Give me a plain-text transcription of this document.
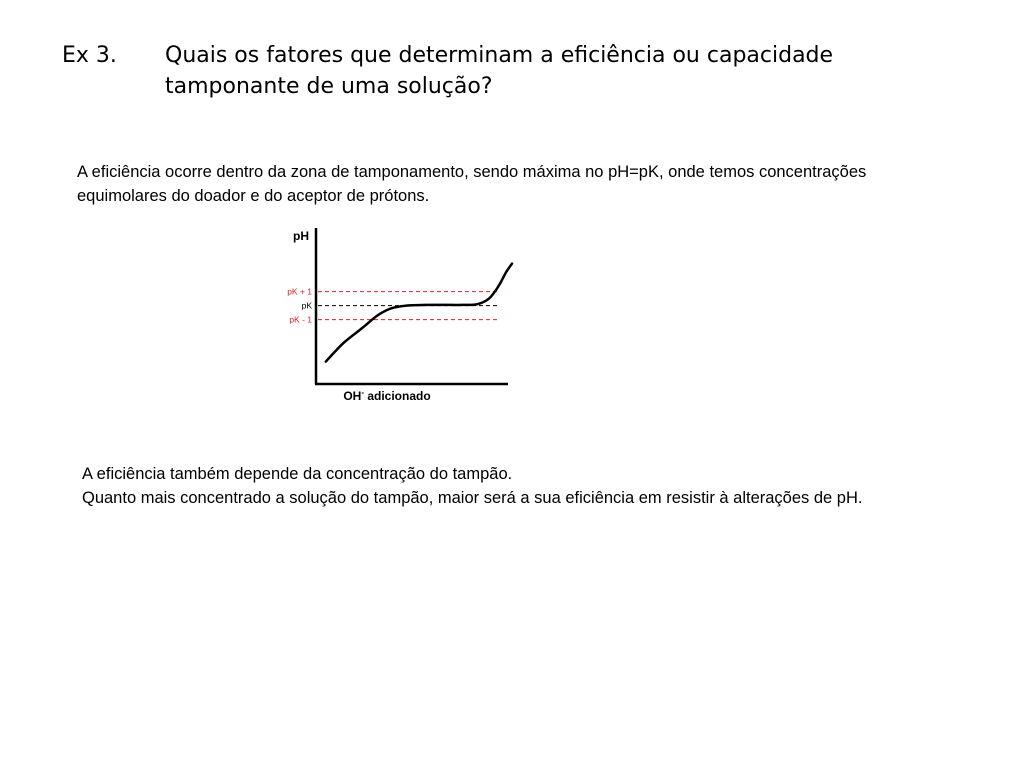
Ex 3. Quais os fatores que determinam a eficiência ou capacidade tamponante de uma solução?

A eficiência ocorre dentro da zona de tamponamento, sendo máxima no pH=pK, onde temos concentrações equimolares do doador e do aceptor de prótons.

pH
pK + 1
pK
pK - 1
OH- adicionado
A eficiência também depende da concentração do tampão.
Quanto mais concentrado a solução do tampão, maior será a sua eficiência em resistir à alterações de pH.
